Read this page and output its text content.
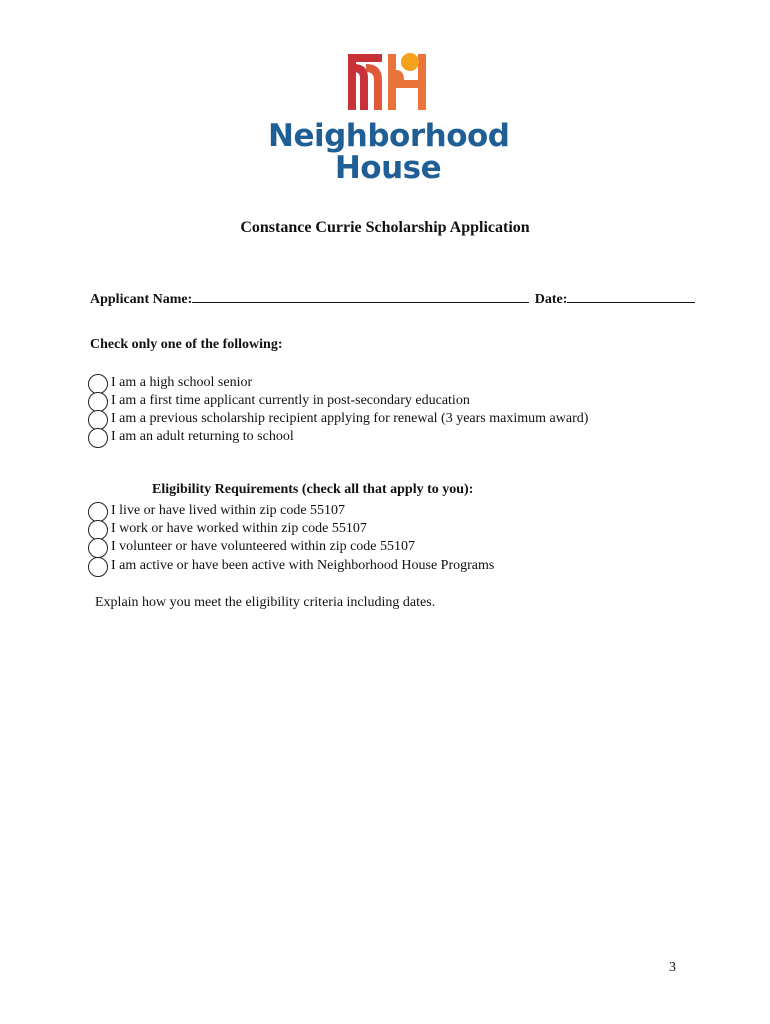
Neighborhood
House
Constance Currie Scholarship Application
Applicant Name:	Date:
Check only one of the following:
I am a high school senior
I am a first time applicant currently in post-secondary education
I am a previous scholarship recipient applying for renewal (3 years maximum award)
I am an adult returning to school
Eligibility Requirements (check all that apply to you):
I live or have lived within zip code 55107
I work or have worked within zip code 55107
I volunteer or have volunteered within zip code 55107
I am active or have been active with Neighborhood House Programs
Explain how you meet the eligibility criteria including dates.
3
